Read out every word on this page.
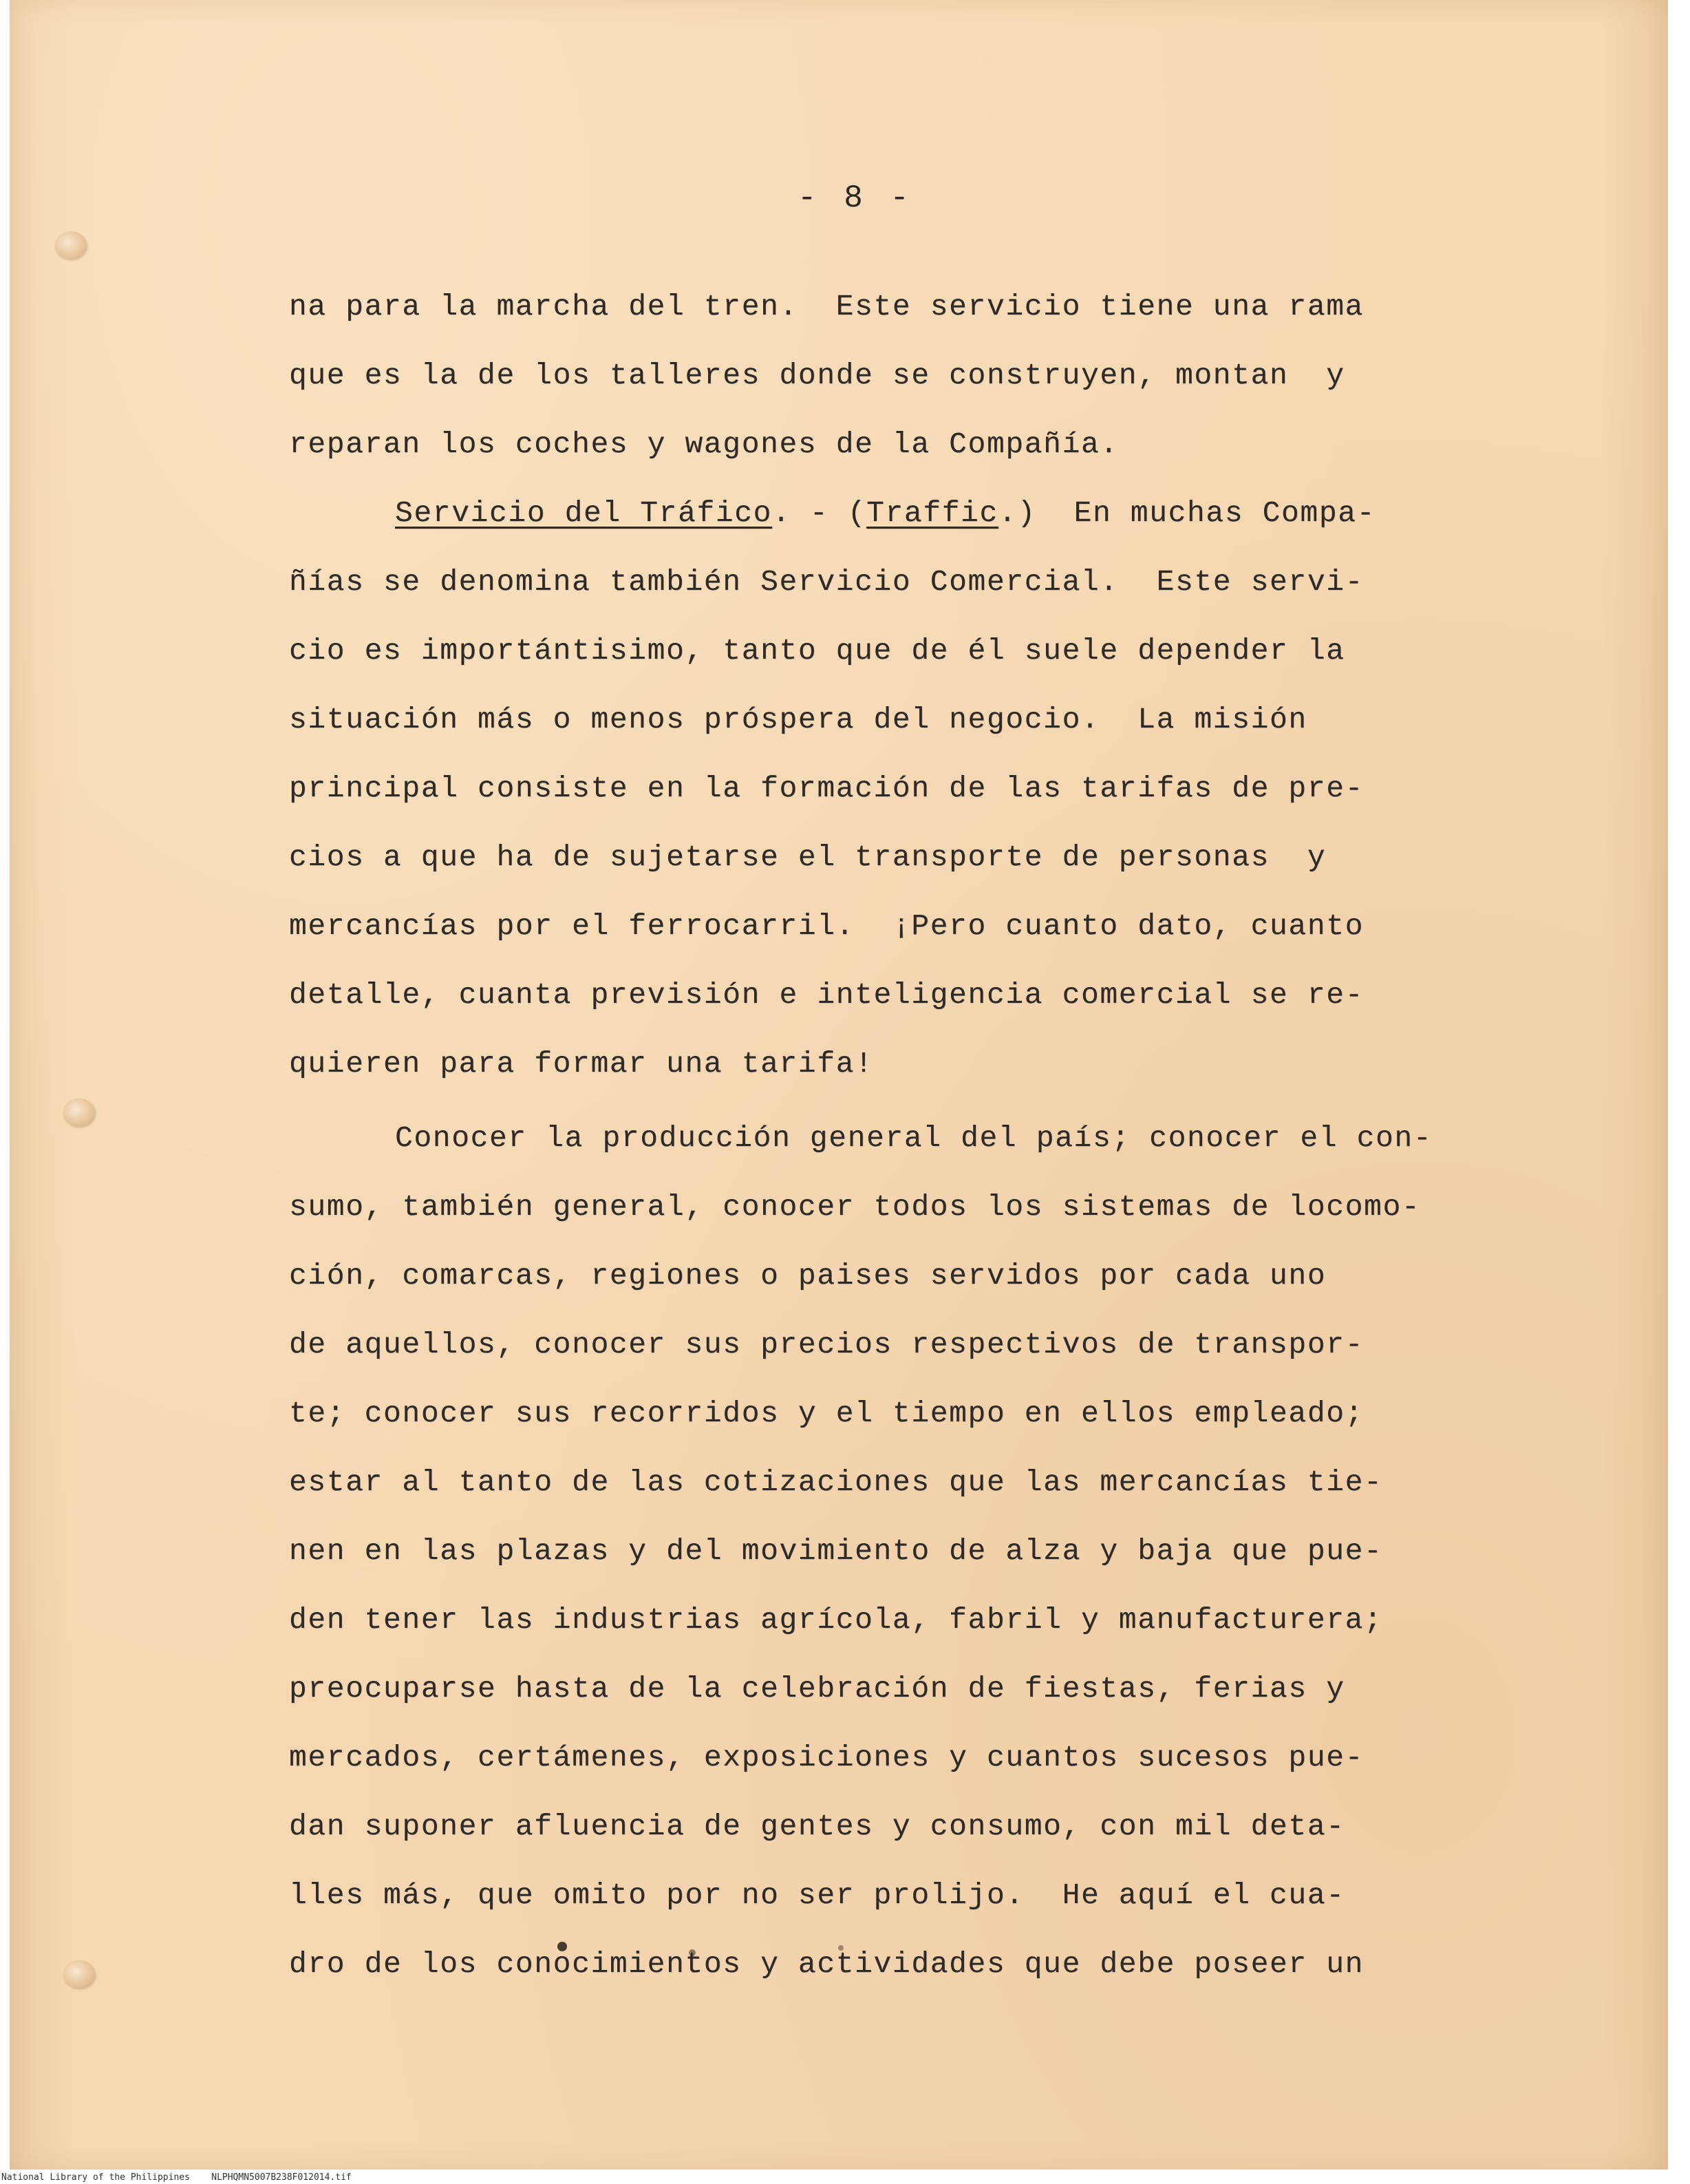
- 8 -
na para la marcha del tren.  Este servicio tiene una rama
que es la de los talleres donde se construyen, montan  y
reparan los coches y wagones de la Compañía.
Servicio del Tráfico. - (Traffic.)  En muchas Compa-
ñías se denomina también Servicio Comercial.  Este servi-
cio es importántisimo, tanto que de él suele depender la
situación más o menos próspera del negocio.  La misión
principal consiste en la formación de las tarifas de pre-
cios a que ha de sujetarse el transporte de personas  y
mercancías por el ferrocarril.  ¡Pero cuanto dato, cuanto
detalle, cuanta previsión e inteligencia comercial se re-
quieren para formar una tarifa!
Conocer la producción general del país; conocer el con-
sumo, también general, conocer todos los sistemas de locomo-
ción, comarcas, regiones o paises servidos por cada uno
de aquellos, conocer sus precios respectivos de transpor-
te; conocer sus recorridos y el tiempo en ellos empleado;
estar al tanto de las cotizaciones que las mercancías tie-
nen en las plazas y del movimiento de alza y baja que pue-
den tener las industrias agrícola, fabril y manufacturera;
preocuparse hasta de la celebración de fiestas, ferias y
mercados, certámenes, exposiciones y cuantos sucesos pue-
dan suponer afluencia de gentes y consumo, con mil deta-
lles más, que omito por no ser prolijo.  He aquí el cua-
dro de los conocimientos y actividades que debe poseer un
National Library of the Philippines NLPHQMN5007B238F012014.tif
